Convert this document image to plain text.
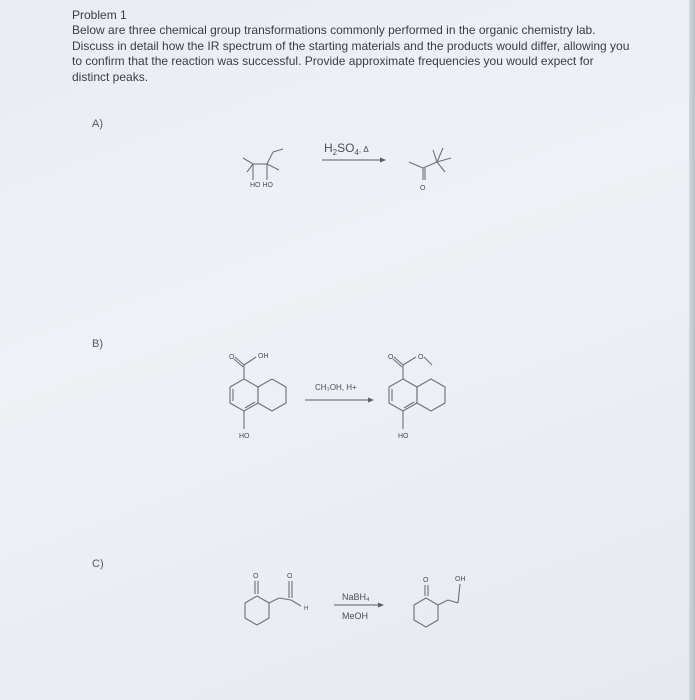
Problem 1

Below are three chemical group transformations commonly performed in the organic chemistry lab. Discuss in detail how the IR spectrum of the starting materials and the products would differ, allowing you to confirm that the reaction was successful. Provide approximate frequencies you would expect for distinct peaks.

A)
HO HO
$H_2SO_4^{, \Delta}$
O
B)
O	OH
HO
CH₃OH, H+
O	O
HO
C)
O	O
H
NaBH₄
MeOH
O	OH
